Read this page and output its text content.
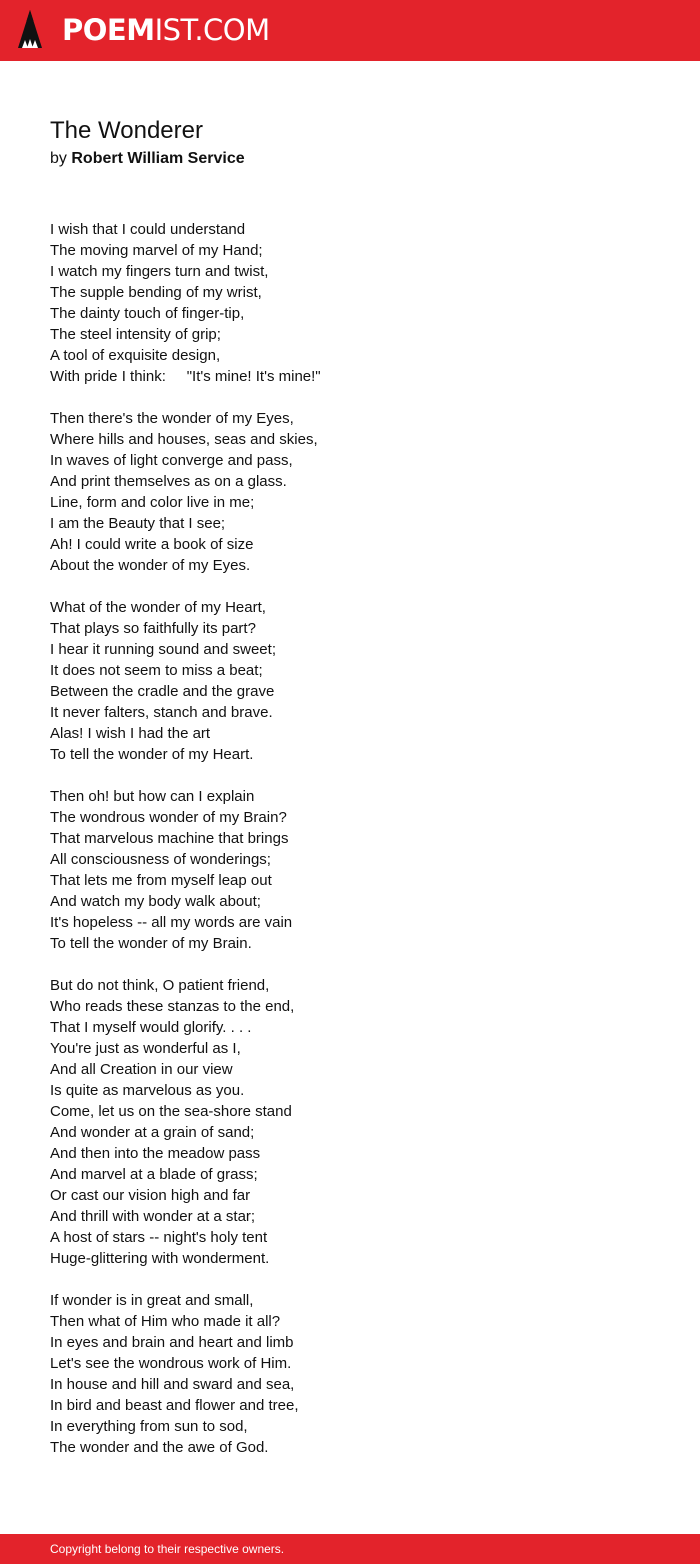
POEMIST.COM
The Wonderer
by Robert William Service
I wish that I could understand
The moving marvel of my Hand;
I watch my fingers turn and twist,
The supple bending of my wrist,
The dainty touch of finger-tip,
The steel intensity of grip;
A tool of exquisite design,
With pride I think:     "It's mine! It's mine!"
Then there's the wonder of my Eyes,
Where hills and houses, seas and skies,
In waves of light converge and pass,
And print themselves as on a glass.
Line, form and color live in me;
I am the Beauty that I see;
Ah! I could write a book of size
About the wonder of my Eyes.
What of the wonder of my Heart,
That plays so faithfully its part?
I hear it running sound and sweet;
It does not seem to miss a beat;
Between the cradle and the grave
It never falters, stanch and brave.
Alas! I wish I had the art
To tell the wonder of my Heart.
Then oh! but how can I explain
The wondrous wonder of my Brain?
That marvelous machine that brings
All consciousness of wonderings;
That lets me from myself leap out
And watch my body walk about;
It's hopeless -- all my words are vain
To tell the wonder of my Brain.
But do not think, O patient friend,
Who reads these stanzas to the end,
That I myself would glorify. . . .
You're just as wonderful as I,
And all Creation in our view
Is quite as marvelous as you.
Come, let us on the sea-shore stand
And wonder at a grain of sand;
And then into the meadow pass
And marvel at a blade of grass;
Or cast our vision high and far
And thrill with wonder at a star;
A host of stars -- night's holy tent
Huge-glittering with wonderment.
If wonder is in great and small,
Then what of Him who made it all?
In eyes and brain and heart and limb
Let's see the wondrous work of Him.
In house and hill and sward and sea,
In bird and beast and flower and tree,
In everything from sun to sod,
The wonder and the awe of God.
Copyright belong to their respective owners.
